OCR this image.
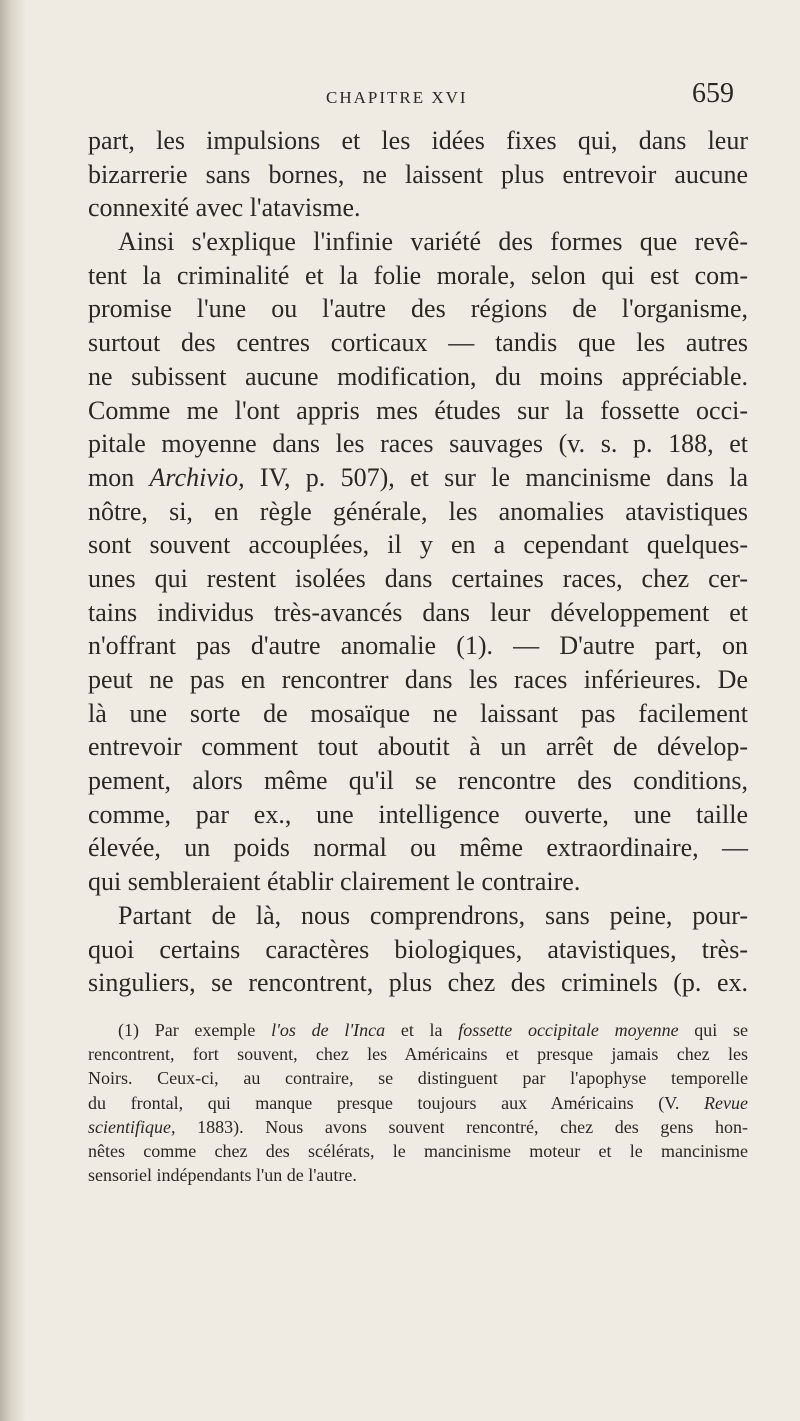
CHAPITRE XVI	659
part, les impulsions et les idées fixes qui, dans leur
bizarrerie sans bornes, ne laissent plus entrevoir aucune
connexité avec l'atavisme.
Ainsi s'explique l'infinie variété des formes que revê-
tent la criminalité et la folie morale, selon qui est com-
promise l'une ou l'autre des régions de l'organisme,
surtout des centres corticaux — tandis que les autres
ne subissent aucune modification, du moins appréciable.
Comme me l'ont appris mes études sur la fossette occi-
pitale moyenne dans les races sauvages (v. s. p. 188, et
mon Archivio, IV, p. 507), et sur le mancinisme dans la
nôtre, si, en règle générale, les anomalies atavistiques
sont souvent accouplées, il y en a cependant quelques-
unes qui restent isolées dans certaines races, chez cer-
tains individus très-avancés dans leur développement et
n'offrant pas d'autre anomalie (1). — D'autre part, on
peut ne pas en rencontrer dans les races inférieures. De
là une sorte de mosaïque ne laissant pas facilement
entrevoir comment tout aboutit à un arrêt de dévelop-
pement, alors même qu'il se rencontre des conditions,
comme, par ex., une intelligence ouverte, une taille
élevée, un poids normal ou même extraordinaire, —
qui sembleraient établir clairement le contraire.
Partant de là, nous comprendrons, sans peine, pour-
quoi certains caractères biologiques, atavistiques, très-
singuliers, se rencontrent, plus chez des criminels (p. ex.
(1) Par exemple l'os de l'Inca et la fossette occipitale moyenne qui se
rencontrent, fort souvent, chez les Américains et presque jamais chez les
Noirs. Ceux-ci, au contraire, se distinguent par l'apophyse temporelle
du frontal, qui manque presque toujours aux Américains (V. Revue
scientifique, 1883). Nous avons souvent rencontré, chez des gens hon-
nêtes comme chez des scélérats, le mancinisme moteur et le mancinisme
sensoriel indépendants l'un de l'autre.
